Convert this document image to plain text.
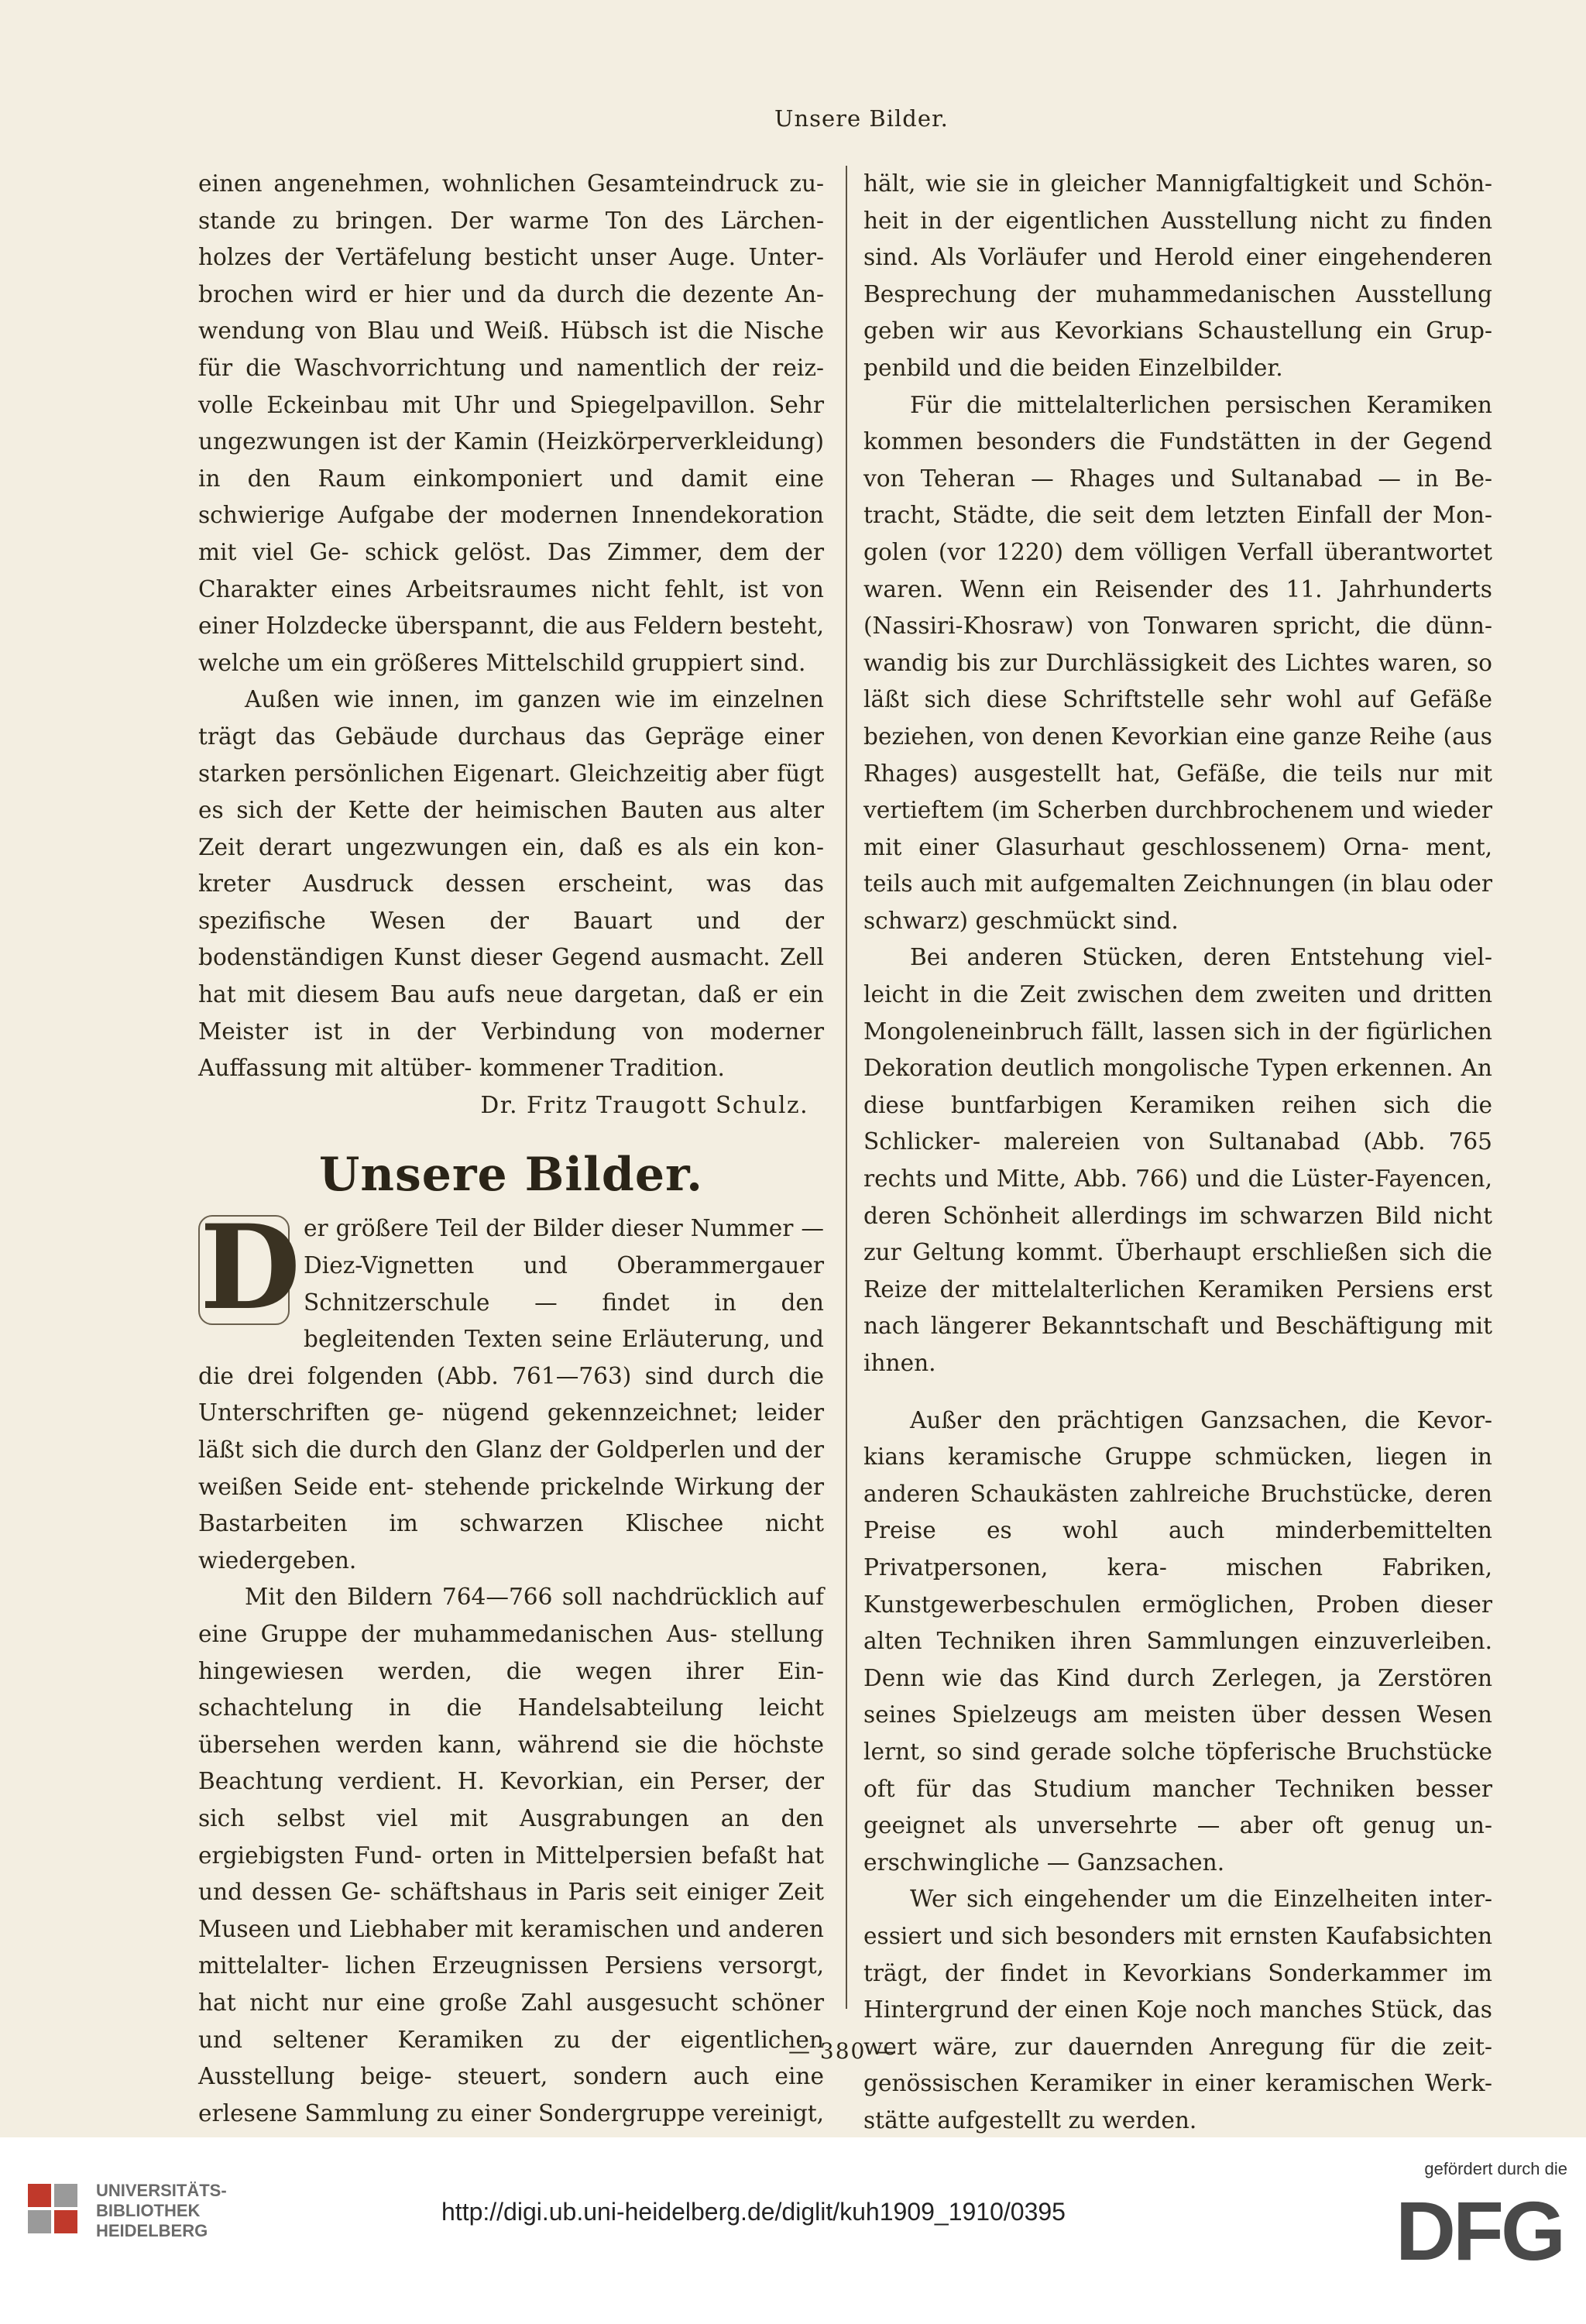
Unsere Bilder.

einen angenehmen, wohnlichen Gesamteindruck zu- stande zu bringen. Der warme Ton des Lärchen- holzes der Vertäfelung besticht unser Auge. Unter- brochen wird er hier und da durch die dezente An- wendung von Blau und Weiß. Hübsch ist die Nische für die Waschvorrichtung und namentlich der reiz- volle Eckeinbau mit Uhr und Spiegelpavillon. Sehr ungezwungen ist der Kamin (Heizkörperverkleidung) in den Raum einkomponiert und damit eine schwierige Aufgabe der modernen Innendekoration mit viel Ge- schick gelöst. Das Zimmer, dem der Charakter eines Arbeitsraumes nicht fehlt, ist von einer Holzdecke überspannt, die aus Feldern besteht, welche um ein größeres Mittelschild gruppiert sind.

Außen wie innen, im ganzen wie im einzelnen trägt das Gebäude durchaus das Gepräge einer starken persönlichen Eigenart. Gleichzeitig aber fügt es sich der Kette der heimischen Bauten aus alter Zeit derart ungezwungen ein, daß es als ein kon- kreter Ausdruck dessen erscheint, was das spezifische Wesen der Bauart und der bodenständigen Kunst dieser Gegend ausmacht. Zell hat mit diesem Bau aufs neue dargetan, daß er ein Meister ist in der Verbindung von moderner Auffassung mit altüber- kommener Tradition.

Dr. Fritz Traugott Schulz.

Unsere Bilder.

D er größere Teil der Bilder dieser Nummer — Diez-Vignetten und Oberammergauer Schnitzerschule — findet in den begleitenden Texten seine Erläuterung, und die drei folgenden (Abb. 761—763) sind durch die Unterschriften ge- nügend gekennzeichnet; leider läßt sich die durch den Glanz der Goldperlen und der weißen Seide ent- stehende prickelnde Wirkung der Bastarbeiten im schwarzen Klischee nicht wiedergeben.

Mit den Bildern 764—766 soll nachdrücklich auf eine Gruppe der muhammedanischen Aus- stellung hingewiesen werden, die wegen ihrer Ein- schachtelung in die Handelsabteilung leicht übersehen werden kann, während sie die höchste Beachtung verdient. H. Kevorkian, ein Perser, der sich selbst viel mit Ausgrabungen an den ergiebigsten Fund- orten in Mittelpersien befaßt hat und dessen Ge- schäftshaus in Paris seit einiger Zeit Museen und Liebhaber mit keramischen und anderen mittelalter- lichen Erzeugnissen Persiens versorgt, hat nicht nur eine große Zahl ausgesucht schöner und seltener Keramiken zu der eigentlichen Ausstellung beige- steuert, sondern auch eine erlesene Sammlung zu einer Sondergruppe vereinigt,

hält, wie sie in gleicher Mannigfaltigkeit und Schön- heit in der eigentlichen Ausstellung nicht zu finden sind. Als Vorläufer und Herold einer eingehenderen Besprechung der muhammedanischen Ausstellung geben wir aus Kevorkians Schaustellung ein Grup- penbild und die beiden Einzelbilder.

Für die mittelalterlichen persischen Keramiken kommen besonders die Fundstätten in der Gegend von Teheran — Rhages und Sultanabad — in Be- tracht, Städte, die seit dem letzten Einfall der Mon- golen (vor 1220) dem völligen Verfall überantwortet waren. Wenn ein Reisender des 11. Jahrhunderts (Nassiri-Khosraw) von Tonwaren spricht, die dünn- wandig bis zur Durchlässigkeit des Lichtes waren, so läßt sich diese Schriftstelle sehr wohl auf Gefäße beziehen, von denen Kevorkian eine ganze Reihe (aus Rhages) ausgestellt hat, Gefäße, die teils nur mit vertieftem (im Scherben durchbrochenem und wieder mit einer Glasurhaut geschlossenem) Orna- ment, teils auch mit aufgemalten Zeichnungen (in blau oder schwarz) geschmückt sind.

Bei anderen Stücken, deren Entstehung viel- leicht in die Zeit zwischen dem zweiten und dritten Mongoleneinbruch fällt, lassen sich in der figürlichen Dekoration deutlich mongolische Typen erkennen. An diese buntfarbigen Keramiken reihen sich die Schlicker- malereien von Sultanabad (Abb. 765 rechts und Mitte, Abb. 766) und die Lüster-Fayencen, deren Schönheit allerdings im schwarzen Bild nicht zur Geltung kommt. Überhaupt erschließen sich die Reize der mittelalterlichen Keramiken Persiens erst nach längerer Bekanntschaft und Beschäftigung mit ihnen.

Außer den prächtigen Ganzsachen, die Kevor- kians keramische Gruppe schmücken, liegen in anderen Schaukästen zahlreiche Bruchstücke, deren Preise es wohl auch minderbemittelten Privatpersonen, kera- mischen Fabriken, Kunstgewerbeschulen ermöglichen, Proben dieser alten Techniken ihren Sammlungen einzuverleiben. Denn wie das Kind durch Zerlegen, ja Zerstören seines Spielzeugs am meisten über dessen Wesen lernt, so sind gerade solche töpferische Bruchstücke oft für das Studium mancher Techniken besser geeignet als unversehrte — aber oft genug un- erschwingliche — Ganzsachen.

Wer sich eingehender um die Einzelheiten inter- essiert und sich besonders mit ernsten Kaufabsichten trägt, der findet in Kevorkians Sonderkammer im Hintergrund der einen Koje noch manches Stück, das wert wäre, zur dauernden Anregung für die zeit- genössischen Keramiker in einer keramischen Werk- stätte aufgestellt zu werden.

— 380 —
UNIVERSITÄTS-
BIBLIOTHEK
HEIDELBERG
http://digi.ub.uni-heidelberg.de/diglit/kuh1909_1910/0395
gefördert durch die
DFG
